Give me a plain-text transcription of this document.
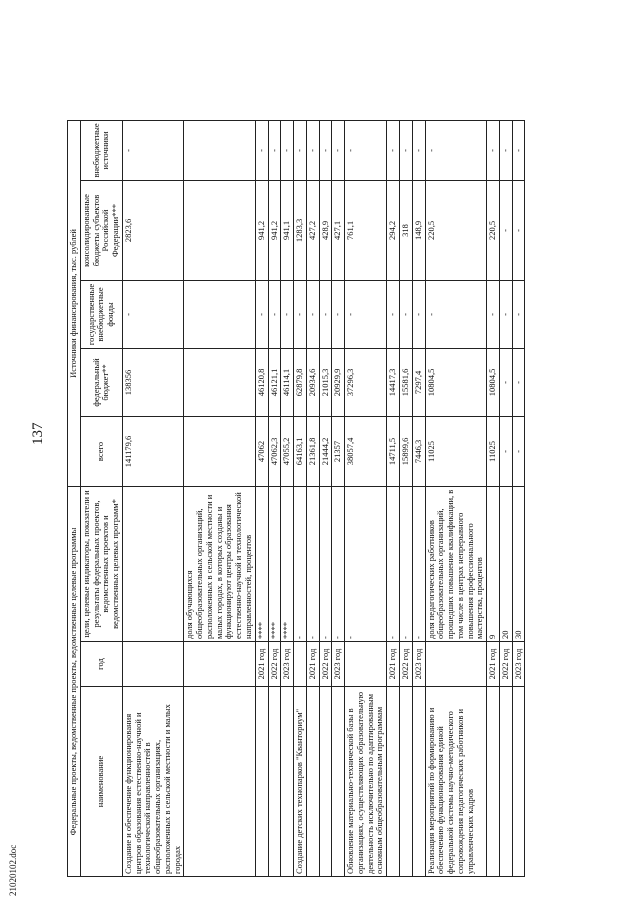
137
Федеральные проекты, ведомственные проекты, ведомственные целевые программы			Источники финансирования, тыс. рублей					
наименование	год	цели, целевые индикаторы, показатели и результаты федеральных проектов, ведомственных проектов и ведомственных целевых программ*	всего	федеральный бюджет**	государственные внебюджетные фонды	консолидированные бюджеты субъектов Российской Федерации***	внебюджетные источники	
Создание и обеспечение функционирования центров образования естественно-научной и технологической направленностей в общеобразовательных организациях, расположенных в сельской местности и малых городах			141179,6	138356	-	2823,6	-	
		доля обучающихся общеобразовательных организаций, расположенных в сельской местности и малых городах, в которых созданы и функционируют центры образования естественно-научной и технологической направленностей, процентов						
	2021 год	****	47062	46120,8	-	941,2	-	
	2022 год	****	47062,3	46121,1	-	941,2	-	
	2023 год	****	47055,2	46114,1	-	941,1	-	
Создание детских технопарков "Кванториум"		-	64163,1	62879,8	-	1283,3	-	
	2021 год	-	21361,8	20934,6	-	427,2	-	
	2022 год	-	21444,2	21015,3	-	428,9	-	
	2023 год	-	21357	20929,9	-	427,1	-	
Обновление материально-технической базы в организациях, осуществляющих образовательную деятельность исключительно по адаптированным основным общеобразовательным программам		-	38057,4	37296,3	-	761,1	-	
	2021 год	-	14711,5	14417,3	-	294,2	-	
	2022 год	-	15899,6	15581,6	-	318	-	
	2023 год	-	7446,3	7297,4	-	148,9	-	
Реализация мероприятий по формированию и обеспечению функционирования единой федеральной системы научно-методического сопровождения педагогических работников и управленческих кадров		доля педагогических работников общеобразовательных организаций, прошедших повышение квалификации, в том числе в центрах непрерывного повышения профессионального мастерства, процентов	11025	10804,5	-	220,5	-	
	2021 год	9	11025	10804,5	-	220,5	-	
	2022 год	20	-	-	-	-	-	
	2023 год	30	-	-	-	-	-	
21020102.doc
